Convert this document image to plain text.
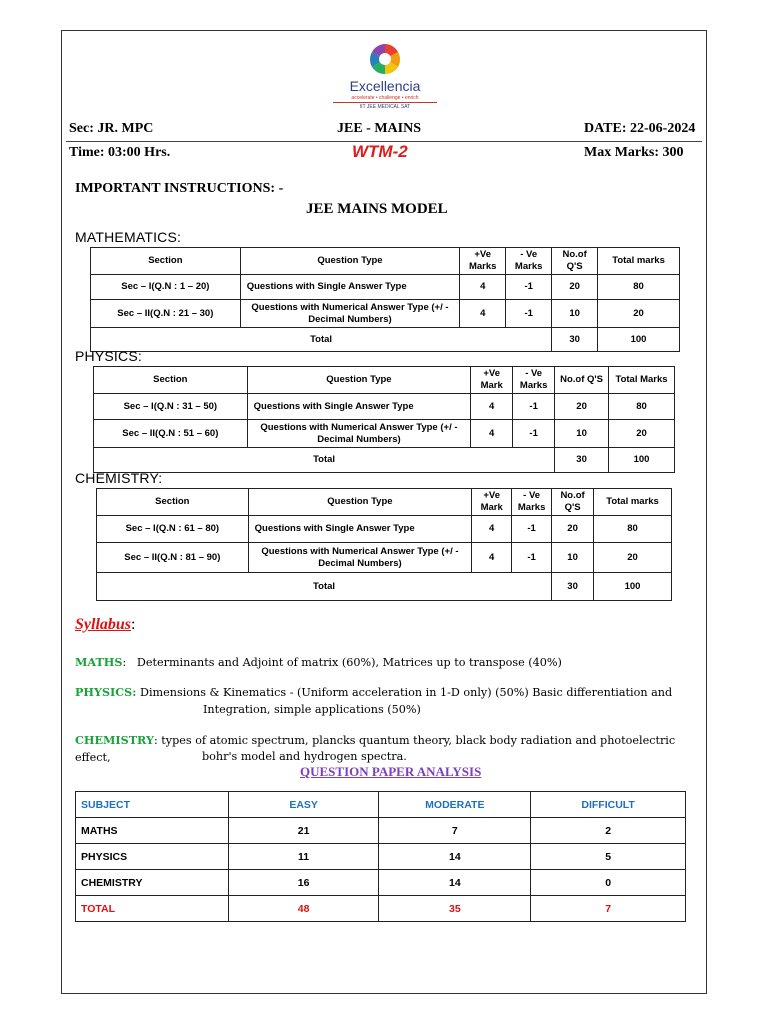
Excellencia
accelerate • challenge • enrich
IIT JEE MEDICAL SAT
Sec: JR. MPC	JEE - MAINS	DATE: 22-06-2024
Time: 03:00 Hrs.	WTM-2	Max Marks: 300
IMPORTANT INSTRUCTIONS: -
JEE MAINS MODEL
MATHEMATICS:
Section	Question Type	+Ve Marks	- Ve Marks	No.of Q'S	Total marks
Sec – I(Q.N : 1 – 20)	Questions with Single Answer Type	4	-1	20	80
Sec – II(Q.N : 21 – 30)	Questions with Numerical Answer Type (+/ - Decimal Numbers)	4	-1	10	20
Total				30	100
PHYSICS:
Section	Question Type	+Ve Mark	- Ve Marks	No.of Q'S	Total Marks
Sec – I(Q.N : 31 – 50)	Questions with Single Answer Type	4	-1	20	80
Sec – II(Q.N : 51 – 60)	Questions with Numerical Answer Type (+/ - Decimal Numbers)	4	-1	10	20
Total				30	100
CHEMISTRY:
Section	Question Type	+Ve Mark	- Ve Marks	No.of Q'S	Total marks
Sec – I(Q.N : 61 – 80)	Questions with Single Answer Type	4	-1	20	80
Sec – II(Q.N : 81 – 90)	Questions with Numerical Answer Type (+/ - Decimal Numbers)	4	-1	10	20
Total				30	100
Syllabus:
MATHS:   Determinants and Adjoint of matrix (60%), Matrices up to transpose (40%)
PHYSICS: Dimensions & Kinematics - (Uniform acceleration in 1-D only) (50%) Basic differentiation and
Integration, simple applications (50%)
CHEMISTRY: types of atomic spectrum, plancks quantum theory, black body radiation and photoelectric effect,	bohr's model and hydrogen spectra.
QUESTION PAPER ANALYSIS
SUBJECT	EASY	MODERATE	DIFFICULT
MATHS	21	7	2
PHYSICS	11	14	5
CHEMISTRY	16	14	0
TOTAL	48	35	7
